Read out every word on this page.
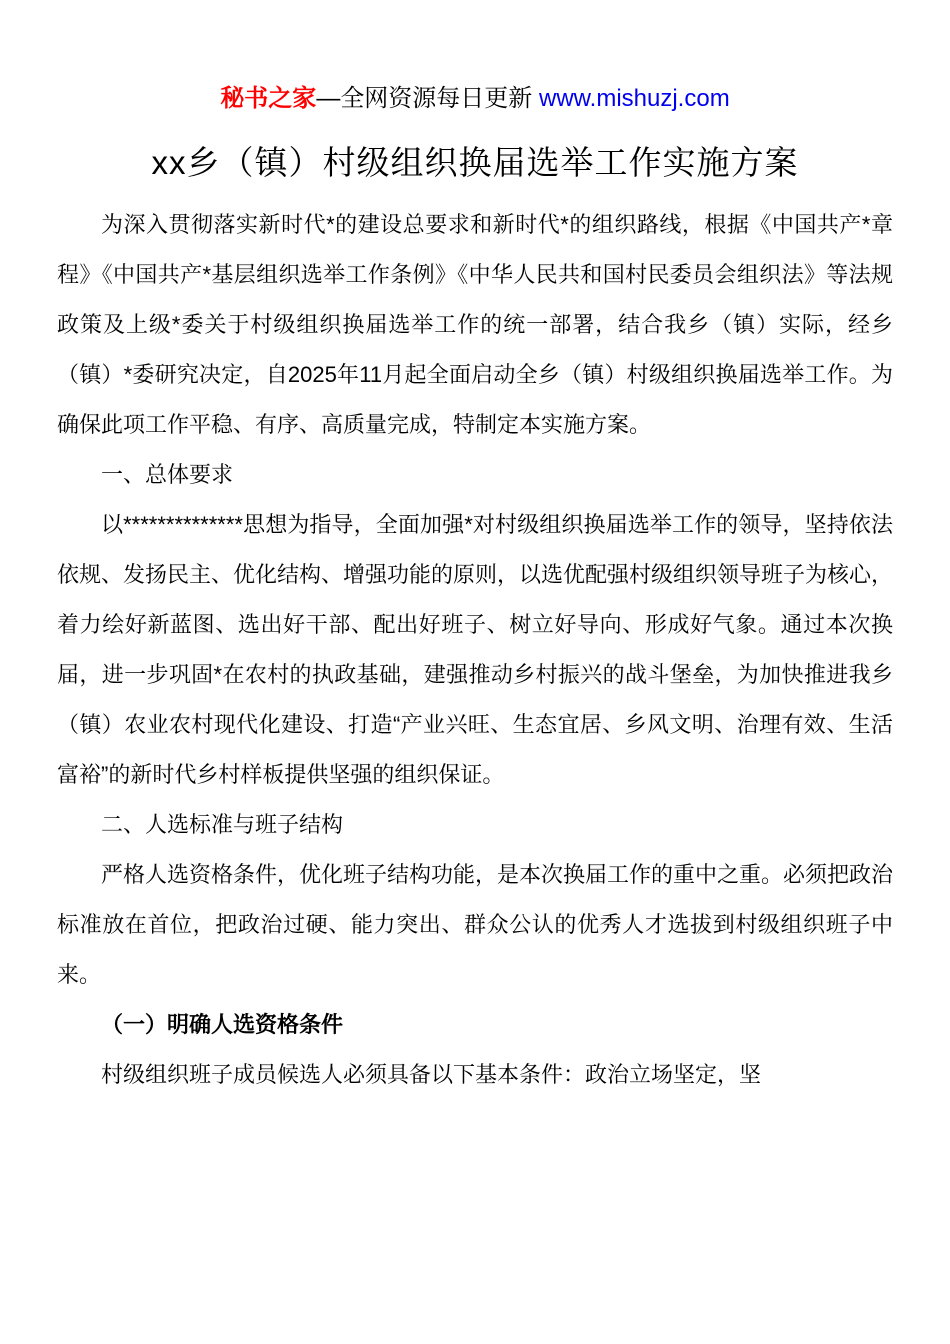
秘书之家—全网资源每日更新 www.mishuzj.com
xx乡（镇）村级组织换届选举工作实施方案

为深入贯彻落实新时代*的建设总要求和新时代*的组织路线，根据《中国共产*章程》《中国共产*基层组织选举工作条例》《中华人民共和国村民委员会组织法》等法规政策及上级*委关于村级组织换届选举工作的统一部署，结合我乡（镇）实际，经乡（镇）*委研究决定，自2025年11月起全面启动全乡（镇）村级组织换届选举工作。为确保此项工作平稳、有序、高质量完成，特制定本实施方案。

一、总体要求

以**************思想为指导，全面加强*对村级组织换届选举工作的领导，坚持依法依规、发扬民主、优化结构、增强功能的原则，以选优配强村级组织领导班子为核心，着力绘好新蓝图、选出好干部、配出好班子、树立好导向、形成好气象。通过本次换届，进一步巩固*在农村的执政基础，建强推动乡村振兴的战斗堡垒，为加快推进我乡（镇）农业农村现代化建设、打造“产业兴旺、生态宜居、乡风文明、治理有效、生活富裕”的新时代乡村样板提供坚强的组织保证。

二、人选标准与班子结构

严格人选资格条件，优化班子结构功能，是本次换届工作的重中之重。必须把政治标准放在首位，把政治过硬、能力突出、群众公认的优秀人才选拔到村级组织班子中来。

（一）明确人选资格条件

村级组织班子成员候选人必须具备以下基本条件：政治立场坚定，坚
